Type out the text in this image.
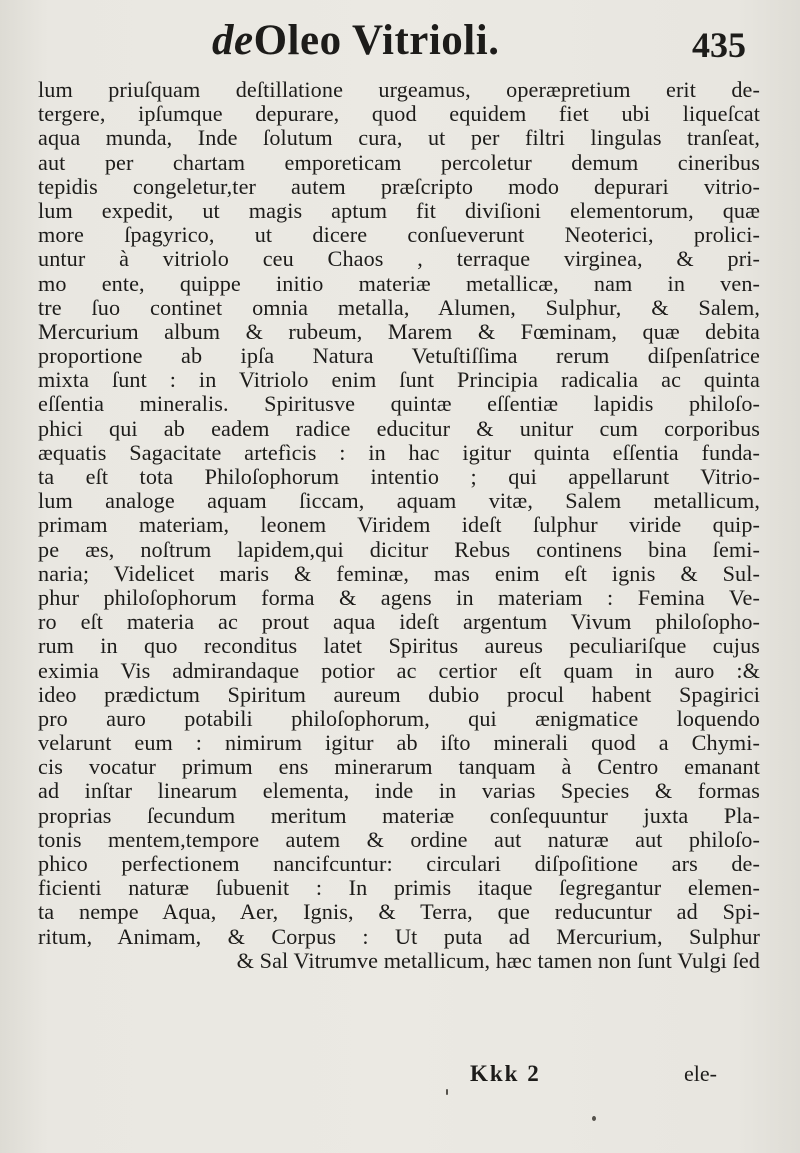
deOleo Vitrioli.	435
lum priuſquam deſtillatione urgeamus, operæpretium erit de-
tergere, ipſumque depurare, quod equidem fiet ubi liqueſcat
aqua munda, Inde ſolutum cura, ut per filtri lingulas tranſeat,
aut per chartam emporeticam percoletur demum cineribus
tepidis congeletur,ter autem præſcripto modo depurari vitrio-
lum expedit, ut magis aptum fit diviſioni elementorum, quæ
more ſpagyrico, ut dicere conſueverunt Neoterici, prolici-
untur à vitriolo ceu Chaos , terraque virginea, & pri-
mo ente, quippe initio materiæ metallicæ, nam in ven-
tre ſuo continet omnia metalla, Alumen, Sulphur, & Salem,
Mercurium album & rubeum, Marem & Fœminam, quæ debita
proportione ab ipſa Natura Vetuſtiſſima rerum diſpenſatrice
mixta ſunt : in Vitriolo enim ſunt Principia radicalia ac quinta
eſſentia mineralis. Spiritusve quintæ eſſentiæ lapidis philoſo-
phici qui ab eadem radice educitur & unitur cum corporibus
æquatis Sagacitate artefìcis : in hac igitur quinta eſſentia funda-
ta eſt tota Philoſophorum intentio ; qui appellarunt Vitrio-
lum analoge aquam ſiccam, aquam vitæ, Salem metallicum,
primam materiam, leonem Viridem ideſt ſulphur viride quip-
pe æs, noſtrum lapidem,qui dicitur Rebus continens bina ſemi-
naria; Videlicet maris & feminæ, mas enim eſt ignis & Sul-
phur philoſophorum forma & agens in materiam : Femina Ve-
ro eſt materia ac prout aqua ideſt argentum Vivum philoſopho-
rum in quo reconditus latet Spiritus aureus peculiariſque cujus
eximia Vis admirandaque potior ac certior eſt quam in auro :&
ideo prædictum Spiritum aureum dubio procul habent Spagirici
pro auro potabili philoſophorum, qui ænigmatice loquendo
velarunt eum : nimirum igitur ab iſto minerali quod a Chymi-
cis vocatur primum ens minerarum tanquam à Centro emanant
ad inſtar linearum elementa, inde in varias Species & formas
proprias ſecundum meritum materiæ conſequuntur juxta Pla-
tonis mentem,tempore autem & ordine aut naturæ aut philoſo-
phico perfectionem nancifcuntur: circulari diſpoſitione ars de-
ficienti naturæ ſubuenit : In primis itaque ſegregantur elemen-
ta nempe Aqua, Aer, Ignis, & Terra, que reducuntur ad Spi-
ritum, Animam, & Corpus : Ut puta ad Mercurium, Sulphur
& Sal Vitrumve metallicum, hæc tamen non ſunt Vulgi ſed
Kkk 2	ele-
